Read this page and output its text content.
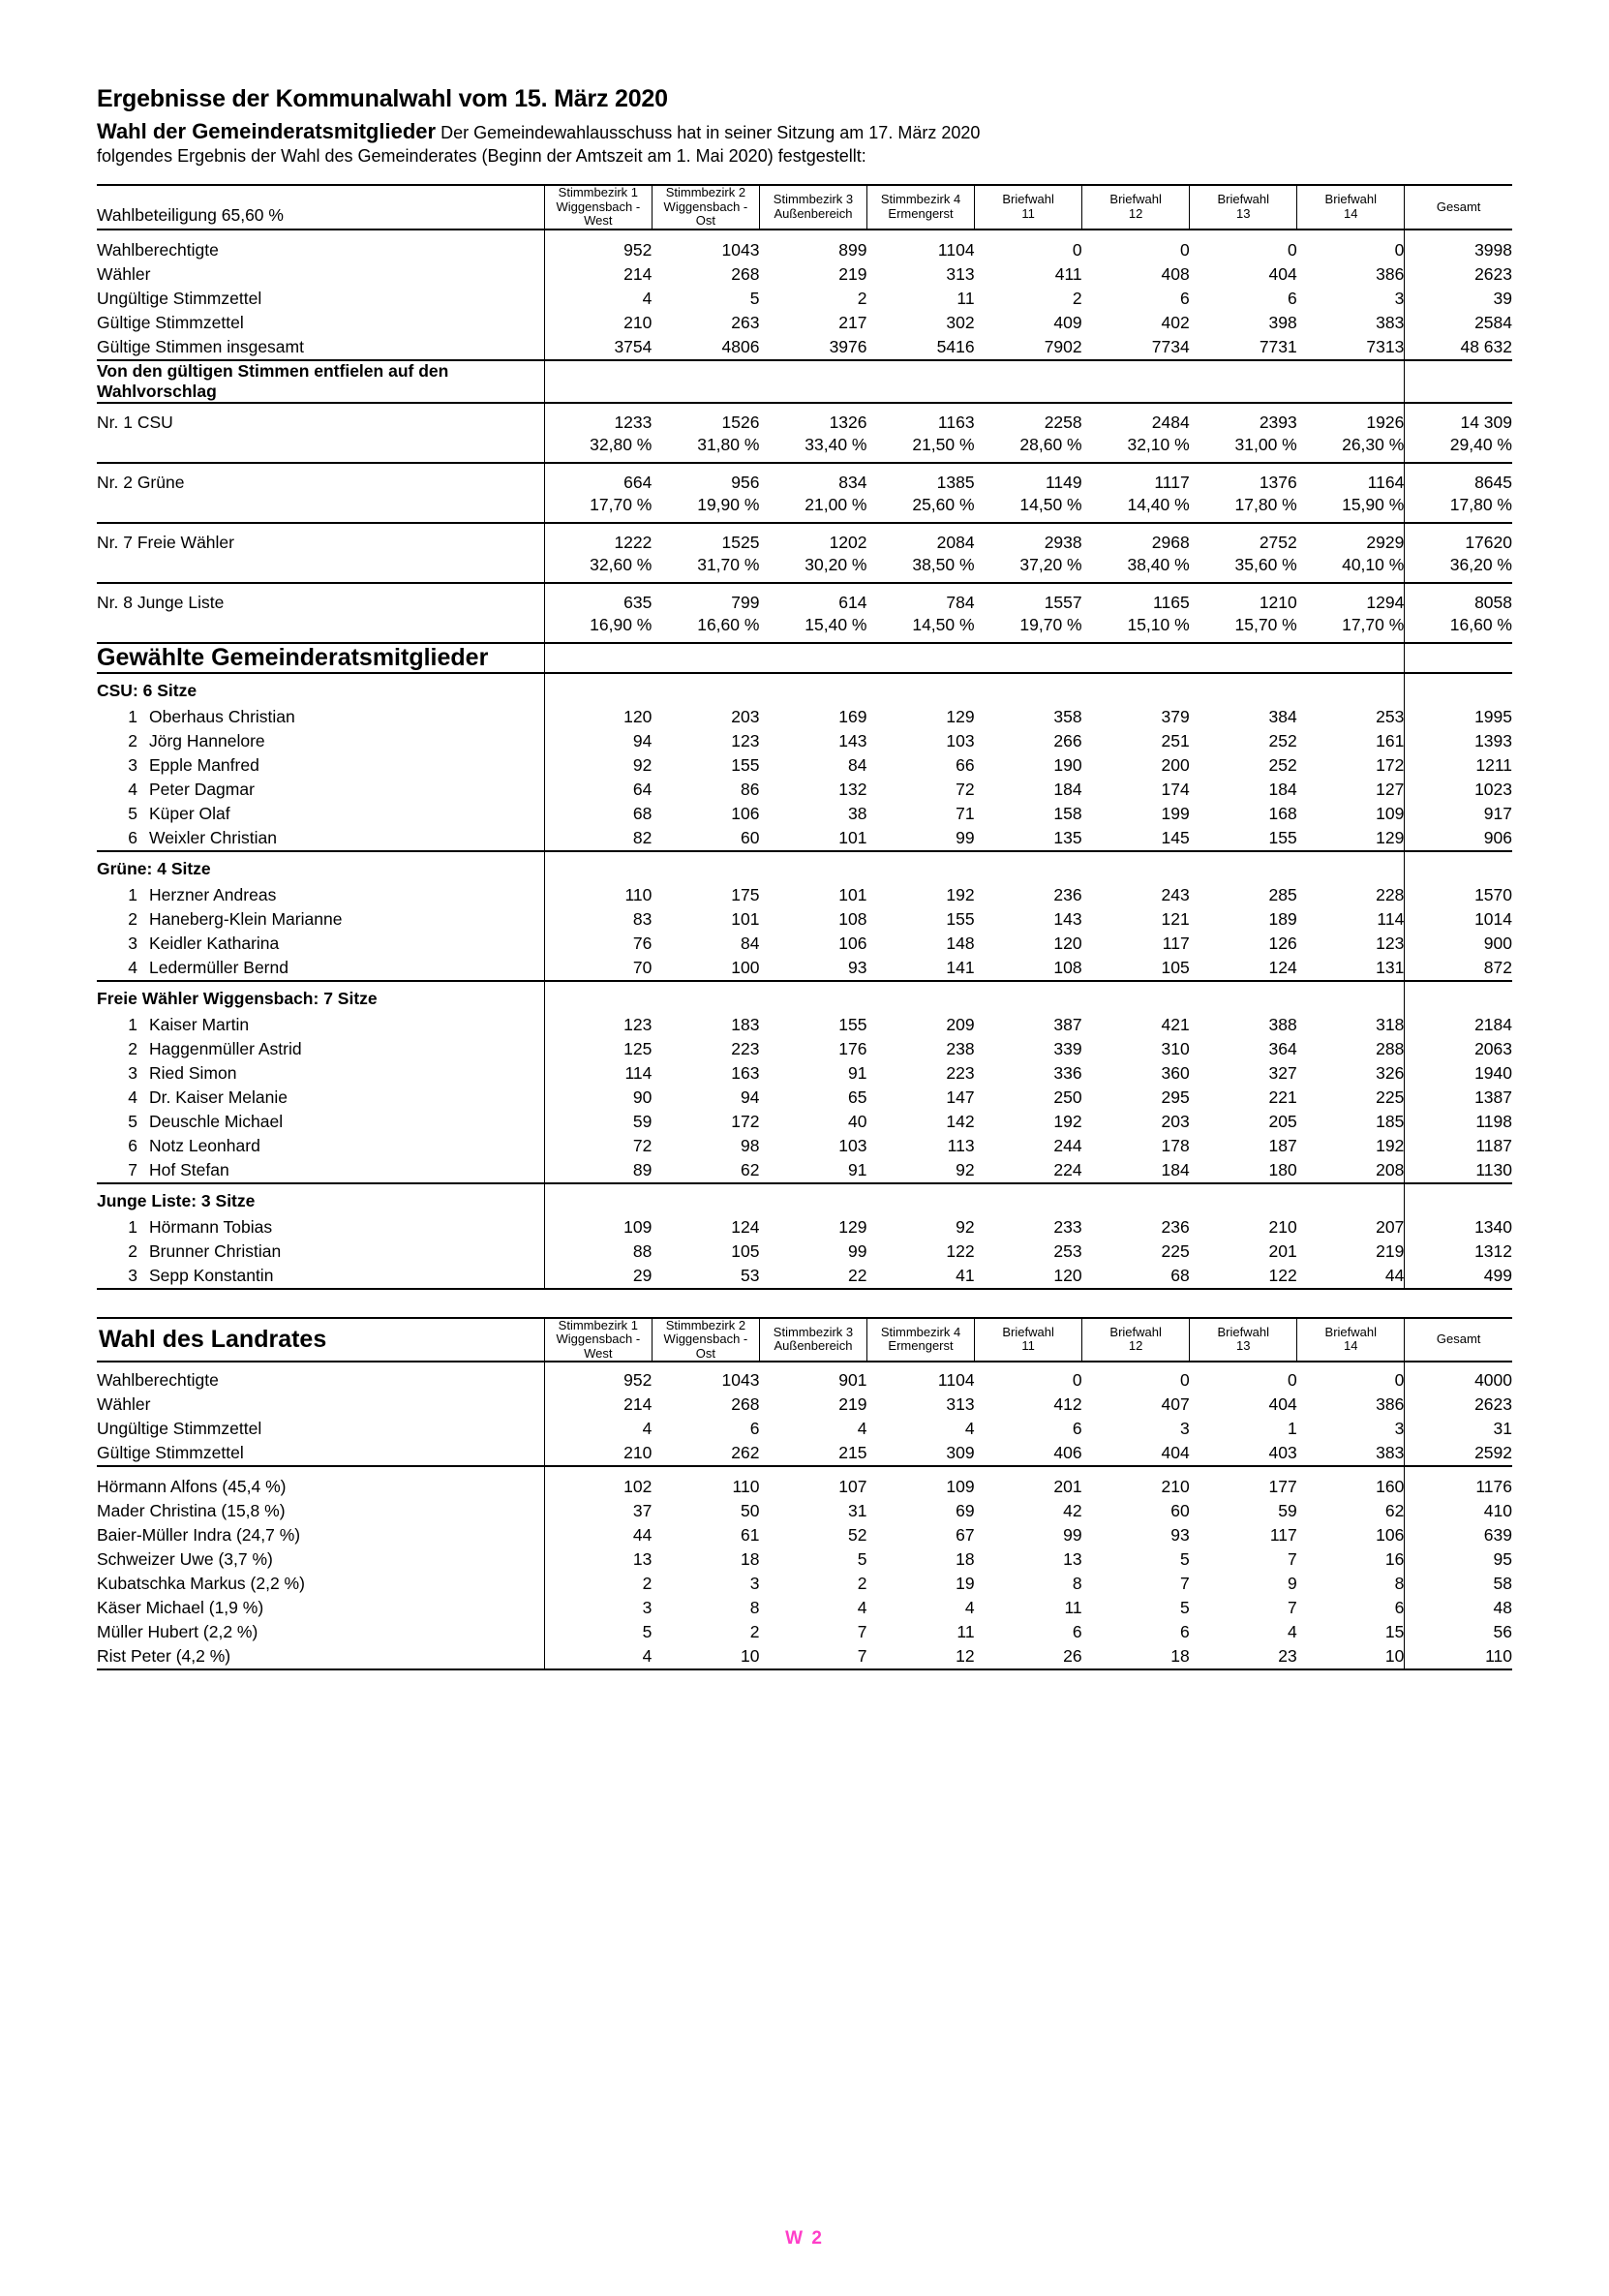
Ergebnisse der Kommunalwahl vom 15. März 2020
Wahl der Gemeinderatsmitglieder Der Gemeindewahlausschuss hat in seiner Sitzung am 17. März 2020
folgendes Ergebnis der Wahl des Gemeinderates (Beginn der Amtszeit am 1. Mai 2020) festgestellt:
Wahlbeteiligung 65,60 %	Stimmbezirk 1
Wiggensbach -
West	Stimmbezirk 2
Wiggensbach -
Ost	Stimmbezirk 3
Außenbereich	Stimmbezirk 4
Ermengerst	Briefwahl
11	Briefwahl
12	Briefwahl
13	Briefwahl
14	Gesamt

Wahlberechtigte	952	1043	899	1104	0	0	0	0	3998
Wähler	214	268	219	313	411	408	404	386	2623
Ungültige Stimmzettel	4	5	2	11	2	6	6	3	39
Gültige Stimmzettel	210	263	217	302	409	402	398	383	2584
Gültige Stimmen insgesamt	3754	4806	3976	5416	7902	7734	7731	7313	48 632
Von den gültigen Stimmen entfielen auf den Wahlvorschlag									
Nr. 1 CSU	1233	1526	1326	1163	2258	2484	2393	1926	14 309
	32,80 %	31,80 %	33,40 %	21,50 %	28,60 %	32,10 %	31,00 %	26,30 %	29,40 %
Nr. 2 Grüne	664	956	834	1385	1149	1117	1376	1164	8645
	17,70 %	19,90 %	21,00 %	25,60 %	14,50 %	14,40 %	17,80 %	15,90 %	17,80 %
Nr. 7 Freie Wähler	1222	1525	1202	2084	2938	2968	2752	2929	17620
	32,60 %	31,70 %	30,20 %	38,50 %	37,20 %	38,40 %	35,60 %	40,10 %	36,20 %
Nr. 8 Junge Liste	635	799	614	784	1557	1165	1210	1294	8058
	16,90 %	16,60 %	15,40 %	14,50 %	19,70 %	15,10 %	15,70 %	17,70 %	16,60 %
Gewählte Gemeinderatsmitglieder									
CSU: 6 Sitze									
1 Oberhaus Christian	120	203	169	129	358	379	384	253	1995
2 Jörg Hannelore	94	123	143	103	266	251	252	161	1393
3 Epple Manfred	92	155	84	66	190	200	252	172	1211
4 Peter Dagmar	64	86	132	72	184	174	184	127	1023
5 Küper Olaf	68	106	38	71	158	199	168	109	917
6 Weixler Christian	82	60	101	99	135	145	155	129	906
Grüne: 4 Sitze									
1 Herzner Andreas	110	175	101	192	236	243	285	228	1570
2 Haneberg-Klein Marianne	83	101	108	155	143	121	189	114	1014
3 Keidler Katharina	76	84	106	148	120	117	126	123	900
4 Ledermüller Bernd	70	100	93	141	108	105	124	131	872
Freie Wähler Wiggensbach: 7 Sitze									
1 Kaiser Martin	123	183	155	209	387	421	388	318	2184
2 Haggenmüller Astrid	125	223	176	238	339	310	364	288	2063
3 Ried Simon	114	163	91	223	336	360	327	326	1940
4 Dr. Kaiser Melanie	90	94	65	147	250	295	221	225	1387
5 Deuschle Michael	59	172	40	142	192	203	205	185	1198
6 Notz Leonhard	72	98	103	113	244	178	187	192	1187
7 Hof Stefan	89	62	91	92	224	184	180	208	1130
Junge Liste: 3 Sitze									
1 Hörmann Tobias	109	124	129	92	233	236	210	207	1340
2 Brunner Christian	88	105	99	122	253	225	201	219	1312
3 Sepp Konstantin	29	53	22	41	120	68	122	44	499

Wahl des Landrates	Stimmbezirk 1
Wiggensbach -
West	Stimmbezirk 2
Wiggensbach -
Ost	Stimmbezirk 3
Außenbereich	Stimmbezirk 4
Ermengerst	Briefwahl
11	Briefwahl
12	Briefwahl
13	Briefwahl
14	Gesamt

Wahlberechtigte	952	1043	901	1104	0	0	0	0	4000
Wähler	214	268	219	313	412	407	404	386	2623
Ungültige Stimmzettel	4	6	4	4	6	3	1	3	31
Gültige Stimmzettel	210	262	215	309	406	404	403	383	2592

Hörmann Alfons (45,4 %)	102	110	107	109	201	210	177	160	1176
Mader Christina (15,8 %)	37	50	31	69	42	60	59	62	410
Baier-Müller Indra (24,7 %)	44	61	52	67	99	93	117	106	639
Schweizer Uwe (3,7 %)	13	18	5	18	13	5	7	16	95
Kubatschka Markus (2,2 %)	2	3	2	19	8	7	9	8	58
Käser Michael (1,9 %)	3	8	4	4	11	5	7	6	48
Müller Hubert (2,2 %)	5	2	7	11	6	6	4	15	56
Rist Peter (4,2 %)	4	10	7	12	26	18	23	10	110

W 2
